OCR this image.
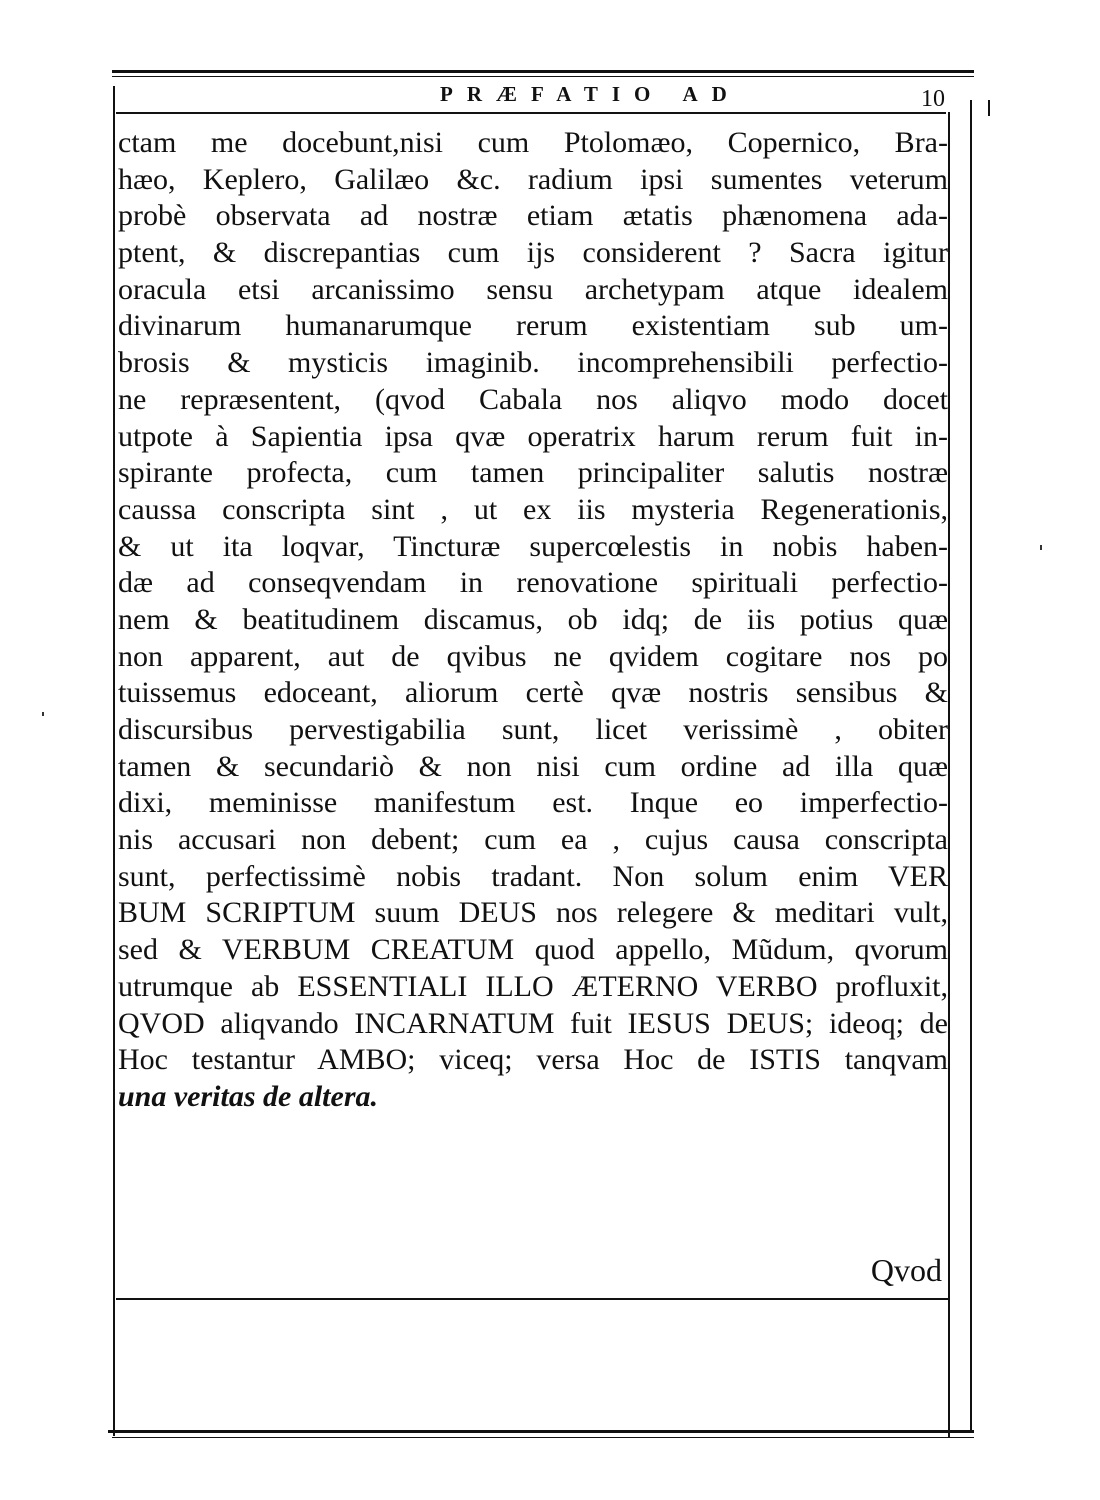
PRÆFATIO AD	10
ctam me docebunt,nisi cum Ptolomæo, Copernico, Bra-
hæo, Keplero, Galilæo &c. radium ipsi sumentes veterum
probè observata ad nostræ etiam ætatis phænomena ada-
ptent, & discrepantias cum ijs considerent ? Sacra igitur
oracula etsi arcanissimo sensu archetypam atque idealem
divinarum humanarumque rerum existentiam sub um-
brosis & mysticis imaginib. incomprehensibili perfectio-
ne repræsentent, (qvod Cabala nos aliqvo modo docet
utpote à Sapientia ipsa qvæ operatrix harum rerum fuit in-
spirante profecta, cum tamen principaliter salutis nostræ
caussa conscripta sint , ut ex iis mysteria Regenerationis,
& ut ita loqvar, Tincturæ supercœlestis in nobis haben-
dæ ad conseqvendam in renovatione spirituali perfectio-
nem & beatitudinem discamus, ob idq; de iis potius quæ
non apparent, aut de qvibus ne qvidem cogitare nos po
tuissemus edoceant, aliorum certè qvæ nostris sensibus &
discursibus pervestigabilia sunt, licet verissimè , obiter
tamen & secundariò & non nisi cum ordine ad illa quæ
dixi, meminisse manifestum est. Inque eo imperfectio-
nis accusari non debent; cum ea , cujus causa conscripta
sunt, perfectissimè nobis tradant. Non solum enim VER
BUM SCRIPTUM suum DEUS nos relegere & meditari vult,
sed & VERBUM CREATUM quod appello, Mũdum, qvorum
utrumque ab ESSENTIALI ILLO ÆTERNO VERBO profluxit,
QVOD aliqvando INCARNATUM fuit IESUS DEUS; ideoq; de
Hoc testantur AMBO; viceq; versa Hoc de ISTIS tanqvam
una veritas de altera.
Qvod
